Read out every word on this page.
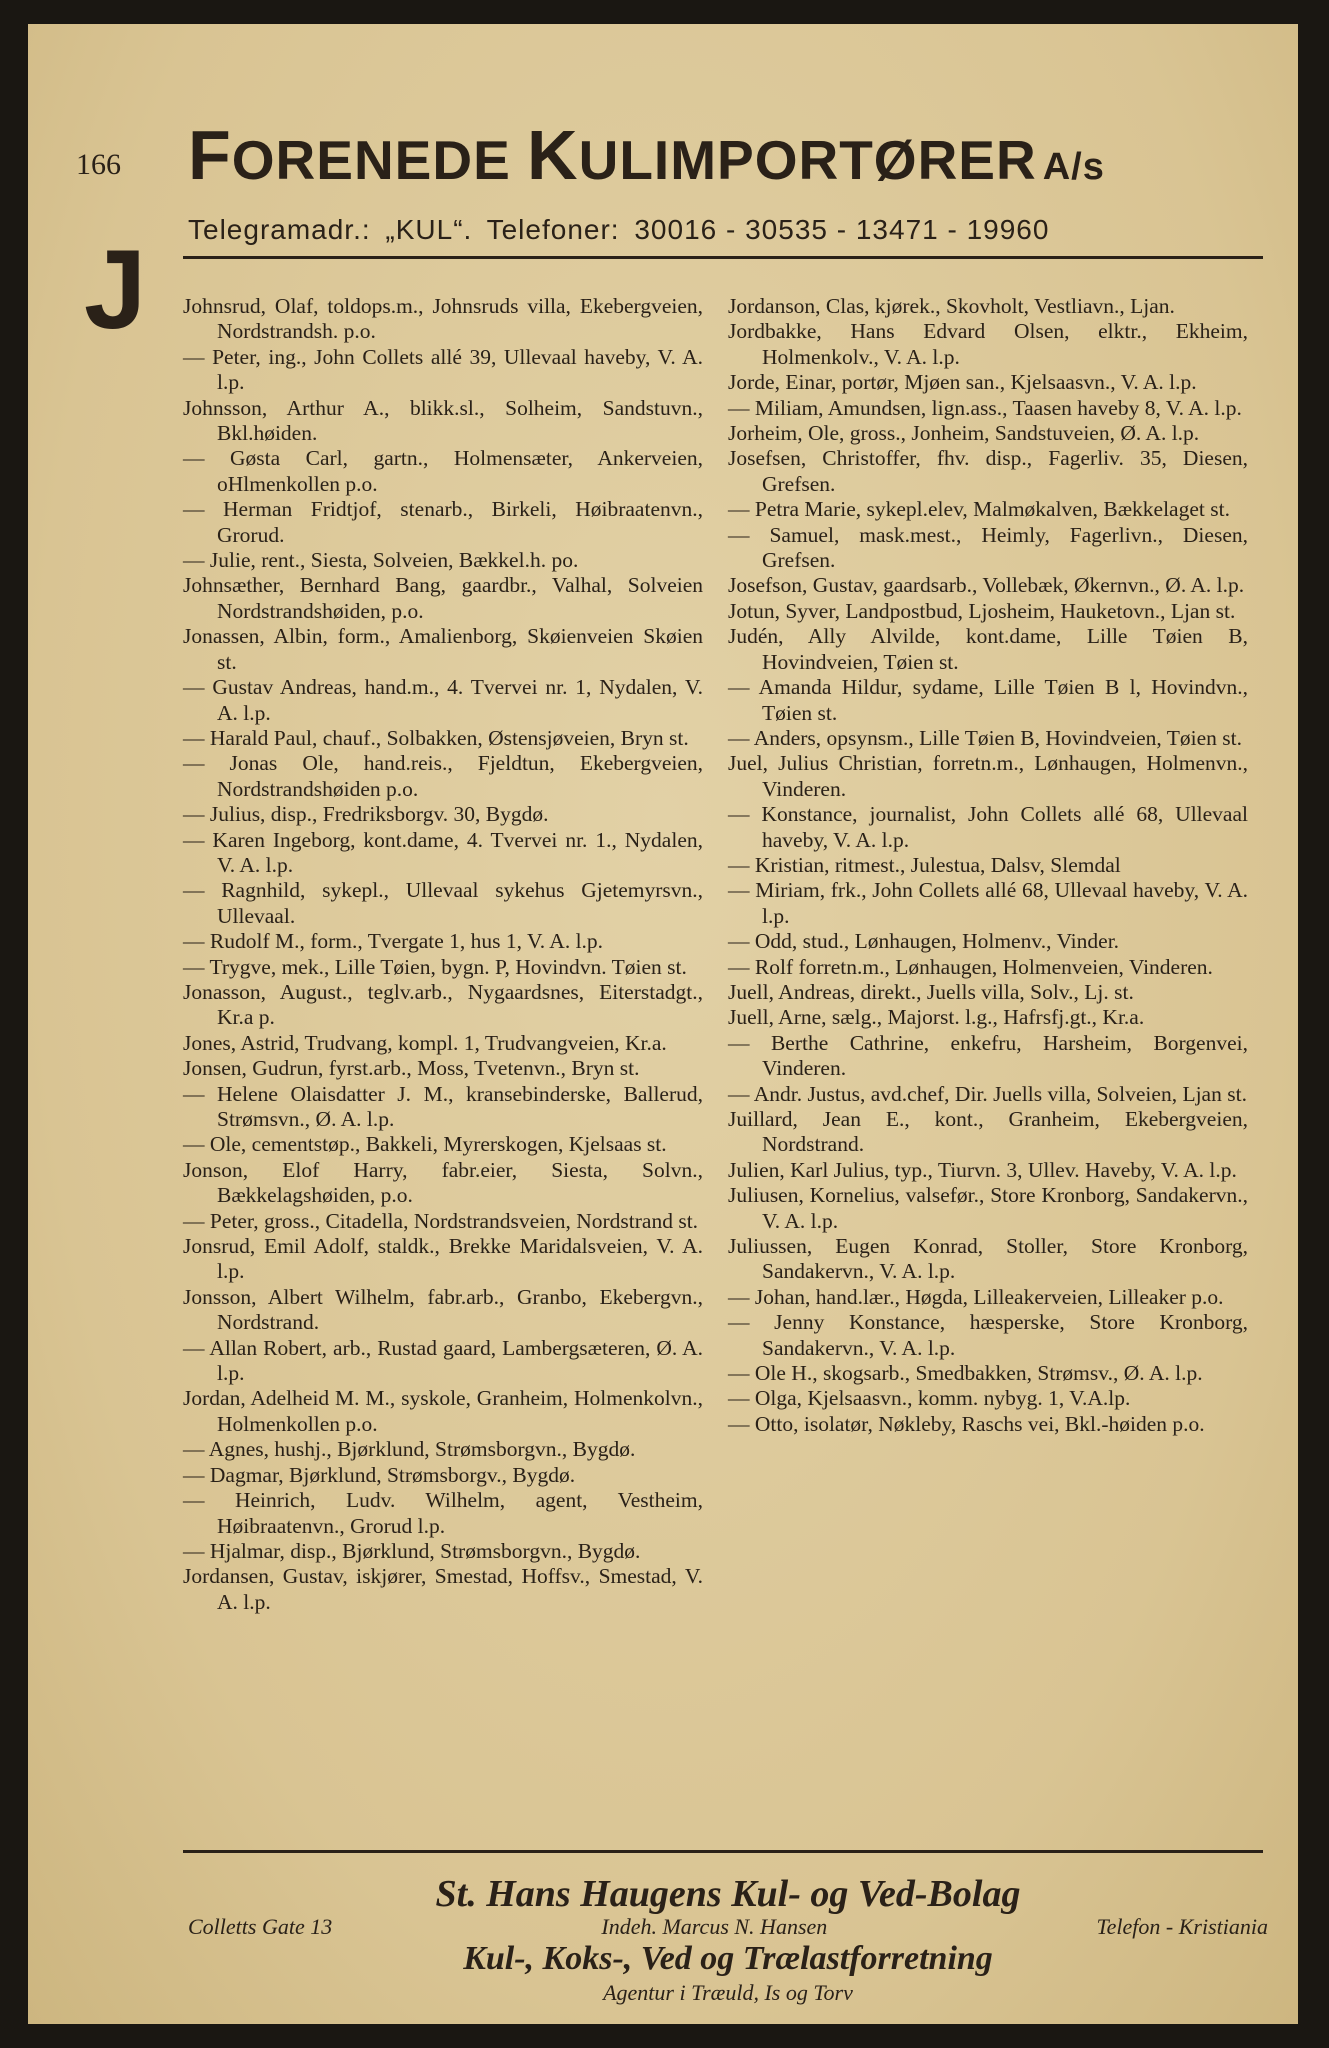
166
J
FORENEDE KULIMPORTØRER A/s
Telegramadr.: „KUL“. Telefoner: 30016 - 30535 - 13471 - 19960
Johnsrud, Olaf, toldops.m., Johnsruds villa, Ekebergveien, Nordstrandsh. p.o.
— Peter, ing., John Collets allé 39, Ullevaal haveby, V. A. l.p.
Johnsson, Arthur A., blikk.sl., Solheim, Sandstuvn., Bkl.høiden.
— Gøsta Carl, gartn., Holmensæter, Ankerveien, oHlmenkollen p.o.
— Herman Fridtjof, stenarb., Birkeli, Høibraatenvn., Grorud.
— Julie, rent., Siesta, Solveien, Bækkel.h. po.
Johnsæther, Bernhard Bang, gaardbr., Valhal, Solveien Nordstrandshøiden, p.o.
Jonassen, Albin, form., Amalienborg, Skøienveien Skøien st.
— Gustav Andreas, hand.m., 4. Tvervei nr. 1, Nydalen, V. A. l.p.
— Harald Paul, chauf., Solbakken, Østensjøveien, Bryn st.
— Jonas Ole, hand.reis., Fjeldtun, Ekebergveien, Nordstrandshøiden p.o.
— Julius, disp., Fredriksborgv. 30, Bygdø.
— Karen Ingeborg, kont.dame, 4. Tvervei nr. 1., Nydalen, V. A. l.p.
— Ragnhild, sykepl., Ullevaal sykehus Gjetemyrsvn., Ullevaal.
— Rudolf M., form., Tvergate 1, hus 1, V. A. l.p.
— Trygve, mek., Lille Tøien, bygn. P, Hovindvn. Tøien st.
Jonasson, August., teglv.arb., Nygaardsnes, Eiterstadgt., Kr.a p.
Jones, Astrid, Trudvang, kompl. 1, Trudvangveien, Kr.a.
Jonsen, Gudrun, fyrst.arb., Moss, Tvetenvn., Bryn st.
— Helene Olaisdatter J. M., kransebinderske, Ballerud, Strømsvn., Ø. A. l.p.
— Ole, cementstøp., Bakkeli, Myrerskogen, Kjelsaas st.
Jonson, Elof Harry, fabr.eier, Siesta, Solvn., Bækkelagshøiden, p.o.
— Peter, gross., Citadella, Nordstrandsveien, Nordstrand st.
Jonsrud, Emil Adolf, staldk., Brekke Maridalsveien, V. A. l.p.
Jonsson, Albert Wilhelm, fabr.arb., Granbo, Ekebergvn., Nordstrand.
— Allan Robert, arb., Rustad gaard, Lambergsæteren, Ø. A. l.p.
Jordan, Adelheid M. M., syskole, Granheim, Holmenkolvn., Holmenkollen p.o.
— Agnes, hushj., Bjørklund, Strømsborgvn., Bygdø.
— Dagmar, Bjørklund, Strømsborgv., Bygdø.
— Heinrich, Ludv. Wilhelm, agent, Vestheim, Høibraatenvn., Grorud l.p.
— Hjalmar, disp., Bjørklund, Strømsborgvn., Bygdø.
Jordansen, Gustav, iskjører, Smestad, Hoffsv., Smestad, V. A. l.p.
Jordanson, Clas, kjørek., Skovholt, Vestliavn., Ljan.
Jordbakke, Hans Edvard Olsen, elktr., Ekheim, Holmenkolv., V. A. l.p.
Jorde, Einar, portør, Mjøen san., Kjelsaasvn., V. A. l.p.
— Miliam, Amundsen, lign.ass., Taasen haveby 8, V. A. l.p.
Jorheim, Ole, gross., Jonheim, Sandstuveien, Ø. A. l.p.
Josefsen, Christoffer, fhv. disp., Fagerliv. 35, Diesen, Grefsen.
— Petra Marie, sykepl.elev, Malmøkalven, Bækkelaget st.
— Samuel, mask.mest., Heimly, Fagerlivn., Diesen, Grefsen.
Josefson, Gustav, gaardsarb., Vollebæk, Økernvn., Ø. A. l.p.
Jotun, Syver, Landpostbud, Ljosheim, Hauketovn., Ljan st.
Judén, Ally Alvilde, kont.dame, Lille Tøien B, Hovindveien, Tøien st.
— Amanda Hildur, sydame, Lille Tøien B l, Hovindvn., Tøien st.
— Anders, opsynsm., Lille Tøien B, Hovindveien, Tøien st.
Juel, Julius Christian, forretn.m., Lønhaugen, Holmenvn., Vinderen.
— Konstance, journalist, John Collets allé 68, Ullevaal haveby, V. A. l.p.
— Kristian, ritmest., Julestua, Dalsv, Slemdal
— Miriam, frk., John Collets allé 68, Ullevaal haveby, V. A. l.p.
— Odd, stud., Lønhaugen, Holmenv., Vinder.
— Rolf forretn.m., Lønhaugen, Holmenveien, Vinderen.
Juell, Andreas, direkt., Juells villa, Solv., Lj. st.
Juell, Arne, sælg., Majorst. l.g., Hafrsfj.gt., Kr.a.
— Berthe Cathrine, enkefru, Harsheim, Borgenvei, Vinderen.
— Andr. Justus, avd.chef, Dir. Juells villa, Solveien, Ljan st.
Juillard, Jean E., kont., Granheim, Ekebergveien, Nordstrand.
Julien, Karl Julius, typ., Tiurvn. 3, Ullev. Haveby, V. A. l.p.
Juliusen, Kornelius, valsefør., Store Kronborg, Sandakervn., V. A. l.p.
Juliussen, Eugen Konrad, Stoller, Store Kronborg, Sandakervn., V. A. l.p.
— Johan, hand.lær., Høgda, Lilleakerveien, Lilleaker p.o.
— Jenny Konstance, hæsperske, Store Kronborg, Sandakervn., V. A. l.p.
— Ole H., skogsarb., Smedbakken, Strømsv., Ø. A. l.p.
— Olga, Kjelsaasvn., komm. nybyg. 1, V.A.lp.
— Otto, isolatør, Nøkleby, Raschs vei, Bkl.-høiden p.o.
St. Hans Haugens Kul- og Ved-Bolag
Colletts Gate 13	Indeh. Marcus N. Hansen	Telefon - Kristiania
Kul-, Koks-, Ved og Trælastforretning
Agentur i Træuld, Is og Torv
